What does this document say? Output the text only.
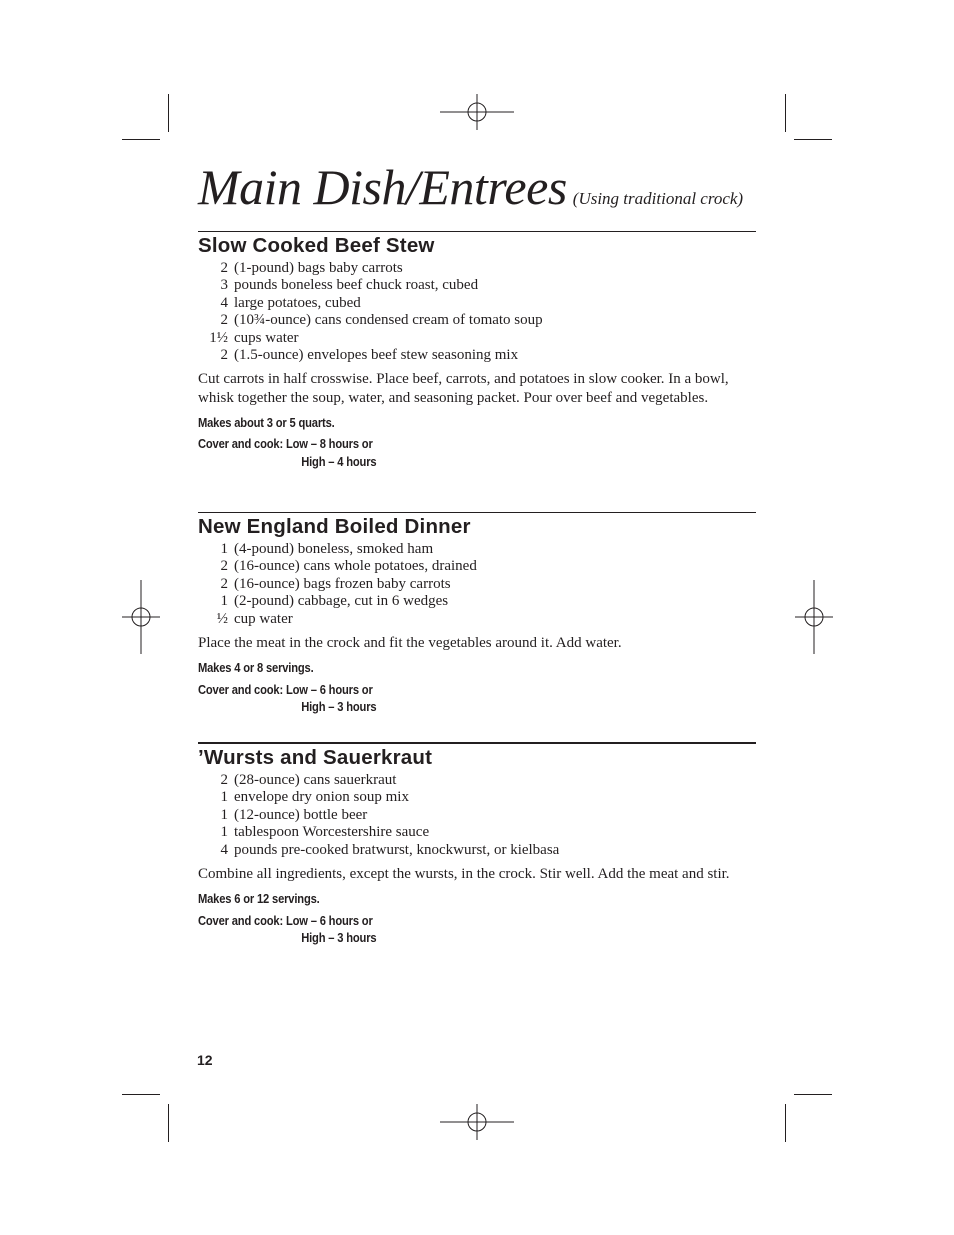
Main Dish/Entrees (Using traditional crock)
Slow Cooked Beef Stew
2 (1-pound) bags baby carrots
3 pounds boneless beef chuck roast, cubed
4 large potatoes, cubed
2 (10¾-ounce) cans condensed cream of tomato soup
1½ cups water
2 (1.5-ounce) envelopes beef stew seasoning mix

Cut carrots in half crosswise. Place beef, carrots, and potatoes in slow cooker. In a bowl, whisk together the soup, water, and seasoning packet. Pour over beef and vegetables.

Makes about 3 or 5 quarts.
Cover and cook: Low – 8 hours or
High – 4 hours
New England Boiled Dinner
1 (4-pound) boneless, smoked ham
2 (16-ounce) cans whole potatoes, drained
2 (16-ounce) bags frozen baby carrots
1 (2-pound) cabbage, cut in 6 wedges
½ cup water

Place the meat in the crock and fit the vegetables around it. Add water.

Makes 4 or 8 servings.
Cover and cook: Low – 6 hours or
High – 3 hours
’Wursts and Sauerkraut
2 (28-ounce) cans sauerkraut
1 envelope dry onion soup mix
1 (12-ounce) bottle beer
1 tablespoon Worcestershire sauce
4 pounds pre-cooked bratwurst, knockwurst, or kielbasa

Combine all ingredients, except the wursts, in the crock. Stir well. Add the meat and stir.

Makes 6 or 12 servings.
Cover and cook: Low – 6 hours or
High – 3 hours
12
